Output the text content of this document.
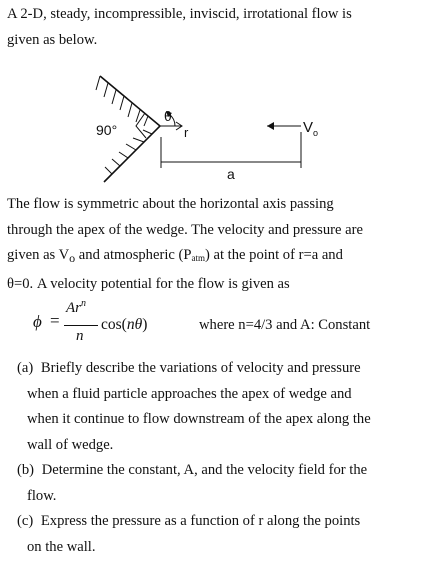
A 2-D, steady, incompressible, inviscid, irrotational flow is
given as below.

90°	r
θ
$V_o$
a

The flow is symmetric about the horizontal axis passing
through the apex of the wedge. The velocity and pressure are
given as $V_o$ and atmospheric $(P_{atm})$ at the point of r=a and
θ=0. A velocity potential for the flow is given as

ϕ =
$Ar^n$
n
cos(nθ)	where n=4/3 and A: Constant
(a) Briefly describe the variations of velocity and pressure
when a fluid particle approaches the apex of wedge and
when it continue to flow downstream of the apex along the
wall of wedge.
(b) Determine the constant, A, and the velocity field for the
flow.
(c) Express the pressure as a function of r along the points
on the wall.
